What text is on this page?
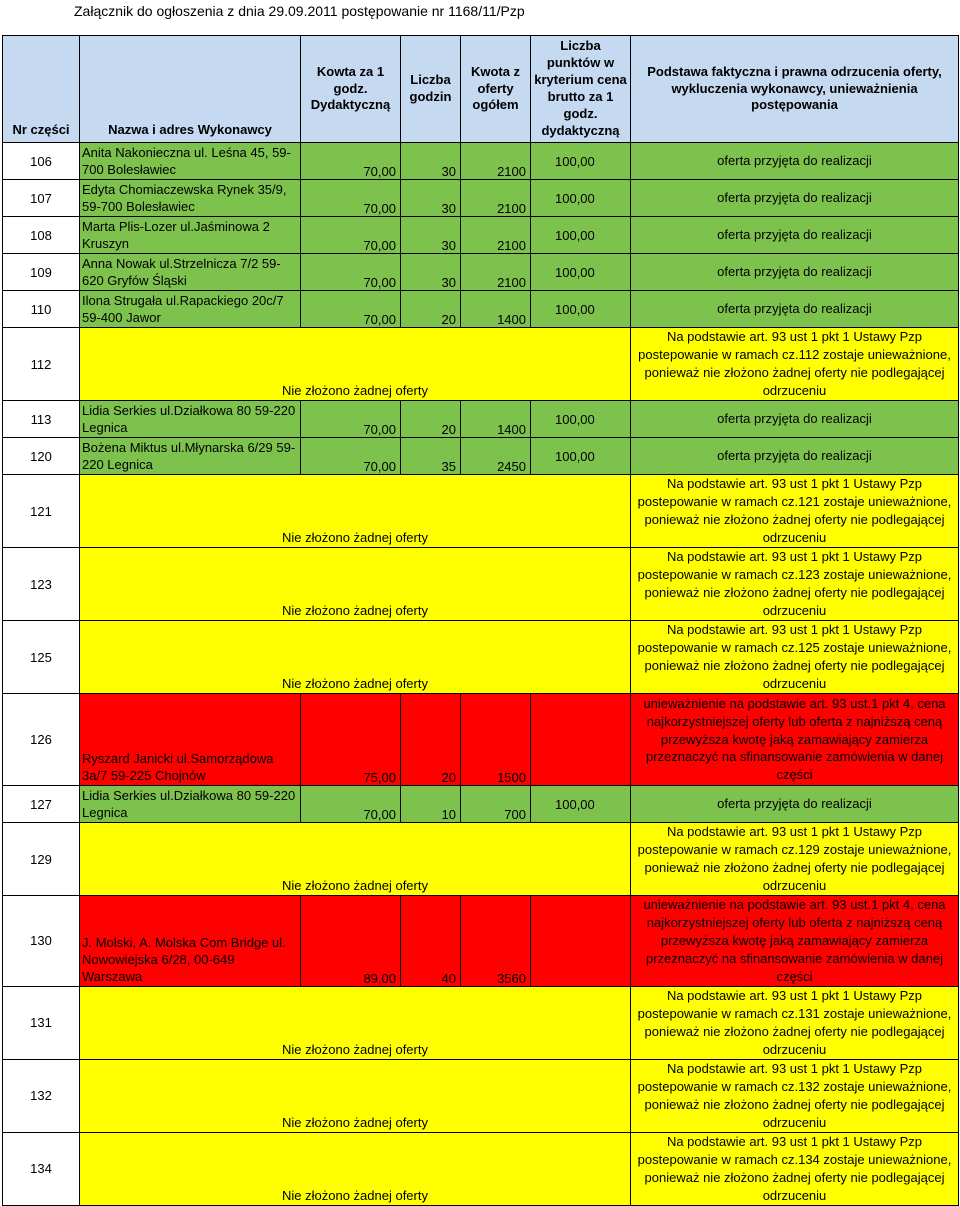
Załącznik do ogłoszenia z dnia 29.09.2011 postępowanie nr 1168/11/Pzp
Nr części	Nazwa i adres Wykonawcy	Kowta za 1 godz. Dydaktyczną	Liczba godzin	Kwota z oferty ogółem	Liczba punktów w kryterium cena brutto za 1 godz. dydaktyczną	Podstawa faktyczna i prawna odrzucenia oferty, wykluczenia wykonawcy, unieważnienia postępowania
106	Anita Nakonieczna ul. Leśna 45, 59-700 Bolesławiec	70,00	30	2100	100,00	oferta przyjęta do realizacji
107	Edyta Chomiaczewska Rynek 35/9, 59-700 Bolesławiec	70,00	30	2100	100,00	oferta przyjęta do realizacji
108	Marta Plis-Lozer ul.Jaśminowa 2 Kruszyn	70,00	30	2100	100,00	oferta przyjęta do realizacji
109	Anna Nowak ul.Strzelnicza 7/2 59-620 Gryfów Śląski	70,00	30	2100	100,00	oferta przyjęta do realizacji
110	Ilona Strugała ul.Rapackiego 20c/7 59-400 Jawor	70,00	20	1400	100,00	oferta przyjęta do realizacji
112	Nie złożono żadnej oferty					Na podstawie art. 93 ust 1 pkt 1 Ustawy Pzp postepowanie w ramach cz.112 zostaje unieważnione, ponieważ nie złożono żadnej oferty nie podlegającej odrzuceniu
113	Lidia Serkies ul.Działkowa 80 59-220 Legnica	70,00	20	1400	100,00	oferta przyjęta do realizacji
120	Bożena Miktus ul.Młynarska 6/29 59-220 Legnica	70,00	35	2450	100,00	oferta przyjęta do realizacji
121	Nie złożono żadnej oferty					Na podstawie art. 93 ust 1 pkt 1 Ustawy Pzp postepowanie w ramach cz.121 zostaje unieważnione, ponieważ nie złożono żadnej oferty nie podlegającej odrzuceniu
123	Nie złożono żadnej oferty					Na podstawie art. 93 ust 1 pkt 1 Ustawy Pzp postepowanie w ramach cz.123 zostaje unieważnione, ponieważ nie złożono żadnej oferty nie podlegającej odrzuceniu
125	Nie złożono żadnej oferty					Na podstawie art. 93 ust 1 pkt 1 Ustawy Pzp postepowanie w ramach cz.125 zostaje unieważnione, ponieważ nie złożono żadnej oferty nie podlegającej odrzuceniu
126	Ryszard Janicki ul.Samorządowa 3a/7 59-225 Chojnów	75,00	20	1500		unieważnienie na podstawie art. 93 ust.1 pkt 4, cena najkorzystniejszej oferty lub oferta z najniższą ceną przewyższa kwotę jaką zamawiający zamierza przeznaczyć na sfinansowanie zamówienia w danej części
127	Lidia Serkies ul.Działkowa 80 59-220 Legnica	70,00	10	700	100,00	oferta przyjęta do realizacji
129	Nie złożono żadnej oferty					Na podstawie art. 93 ust 1 pkt 1 Ustawy Pzp postepowanie w ramach cz.129 zostaje unieważnione, ponieważ nie złożono żadnej oferty nie podlegającej odrzuceniu
130	J. Molski, A. Molska Com Bridge ul. Nowowiejska 6/28, 00-649 Warszawa	89,00	40	3560		unieważnienie na podstawie art. 93 ust.1 pkt 4, cena najkorzystniejszej oferty lub oferta z najniższą ceną przewyższa kwotę jaką zamawiający zamierza przeznaczyć na sfinansowanie zamówienia w danej części
131	Nie złożono żadnej oferty					Na podstawie art. 93 ust 1 pkt 1 Ustawy Pzp postepowanie w ramach cz.131 zostaje unieważnione, ponieważ nie złożono żadnej oferty nie podlegającej odrzuceniu
132	Nie złożono żadnej oferty					Na podstawie art. 93 ust 1 pkt 1 Ustawy Pzp postepowanie w ramach cz.132 zostaje unieważnione, ponieważ nie złożono żadnej oferty nie podlegającej odrzuceniu
134	Nie złożono żadnej oferty					Na podstawie art. 93 ust 1 pkt 1 Ustawy Pzp postepowanie w ramach cz.134 zostaje unieważnione, ponieważ nie złożono żadnej oferty nie podlegającej odrzuceniu
